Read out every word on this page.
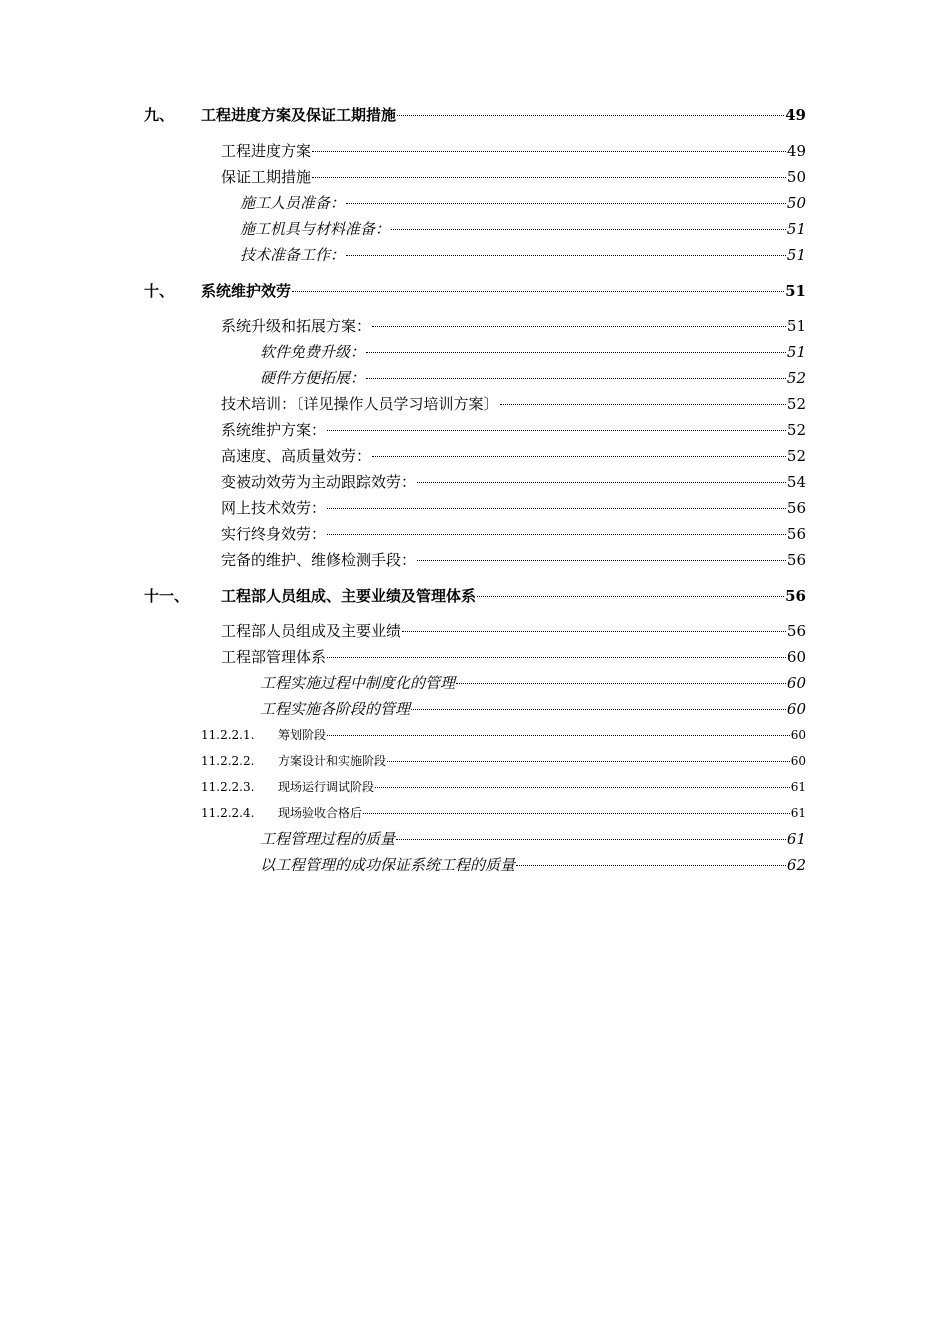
九、	工程进度方案及保证工期措施	49
工程进度方案	49
保证工期措施	50
施工人员准备：	50
施工机具与材料准备：	51
技术准备工作：	51
十、	系统维护效劳	51
系统升级和拓展方案：	51
软件免费升级：	51
硬件方便拓展：	52
技术培训：〔详见操作人员学习培训方案〕	52
系统维护方案：	52
高速度、高质量效劳：	52
变被动效劳为主动跟踪效劳：	54
网上技术效劳：	56
实行终身效劳：	56
完备的维护、维修检测手段：	56
十一、	工程部人员组成、主要业绩及管理体系	56
工程部人员组成及主要业绩	56
工程部管理体系	60
工程实施过程中制度化的管理	60
工程实施各阶段的管理	60
11.2.2.1.	筹划阶段	60
11.2.2.2.	方案设计和实施阶段	60
11.2.2.3.	现场运行调试阶段	61
11.2.2.4.	现场验收合格后	61
工程管理过程的质量	61
以工程管理的成功保证系统工程的质量	62
